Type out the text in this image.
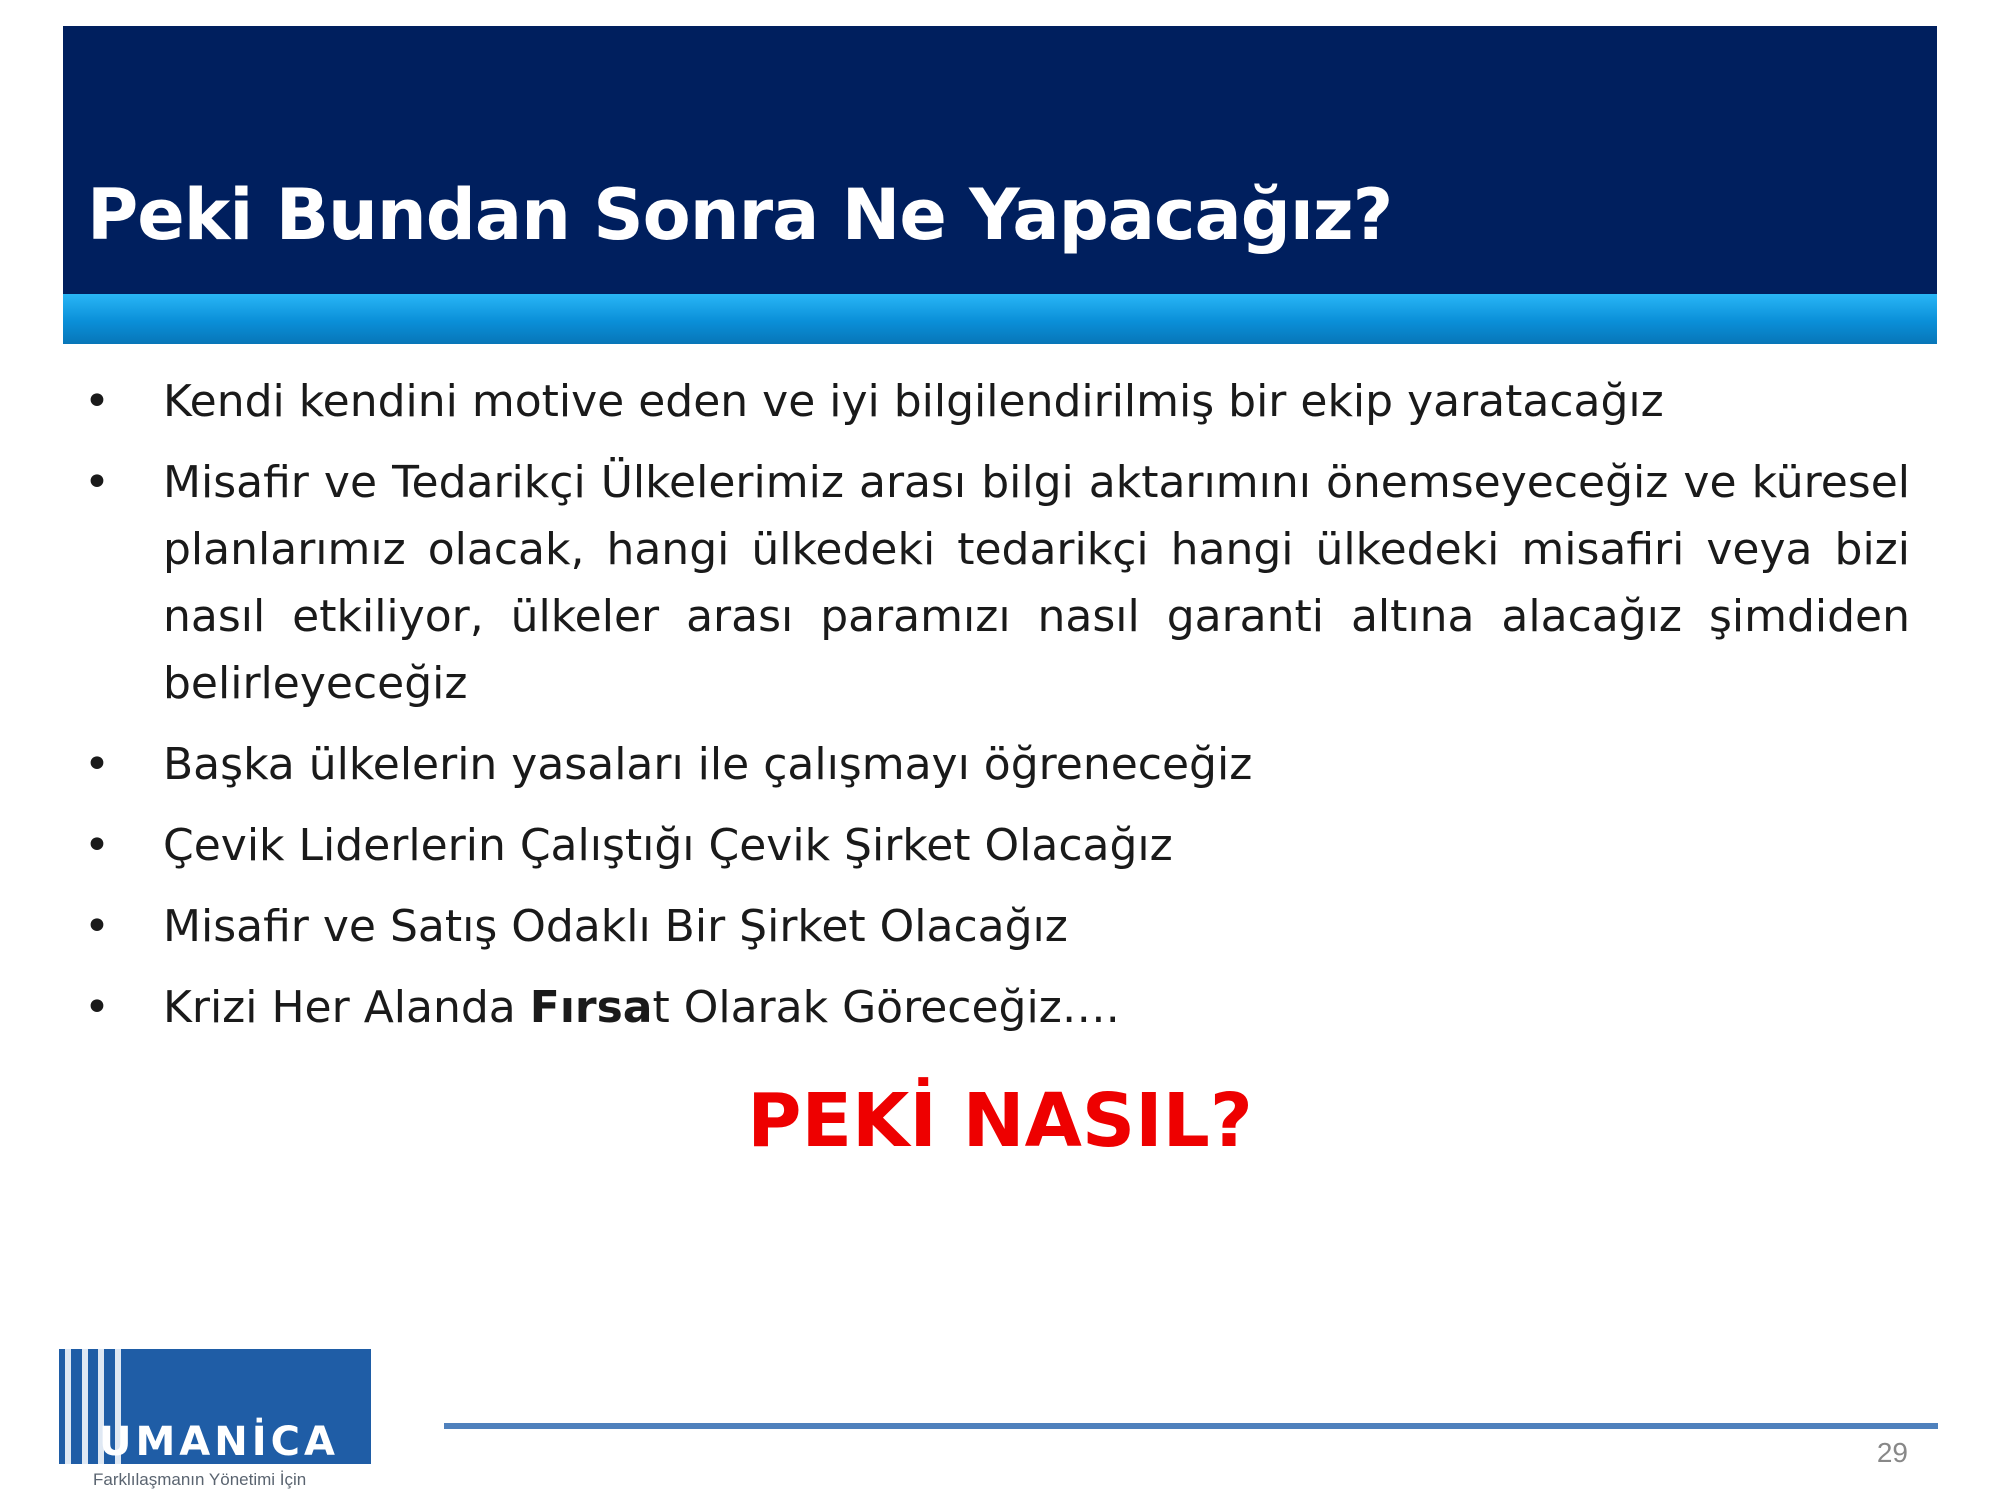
Peki Bundan Sonra Ne Yapacağız?
• Kendi kendini motive eden ve iyi bilgilendirilmiş bir ekip yaratacağız
• Misafir ve Tedarikçi Ülkelerimiz arası bilgi aktarımını önemseyeceğiz ve küresel planlarımız olacak, hangi ülkedeki tedarikçi hangi ülkedeki misafiri veya bizi nasıl etkiliyor, ülkeler arası paramızı nasıl garanti altına alacağız şimdiden belirleyeceğiz
• Başka ülkelerin yasaları ile çalışmayı öğreneceğiz
• Çevik Liderlerin Çalıştığı Çevik Şirket Olacağız
• Misafir ve Satış Odaklı Bir Şirket Olacağız
• Krizi Her Alanda Fırsat Olarak Göreceğiz….

PEKİ NASIL?

UMANİCA
Farklılaşmanın Yönetimi İçin
29
